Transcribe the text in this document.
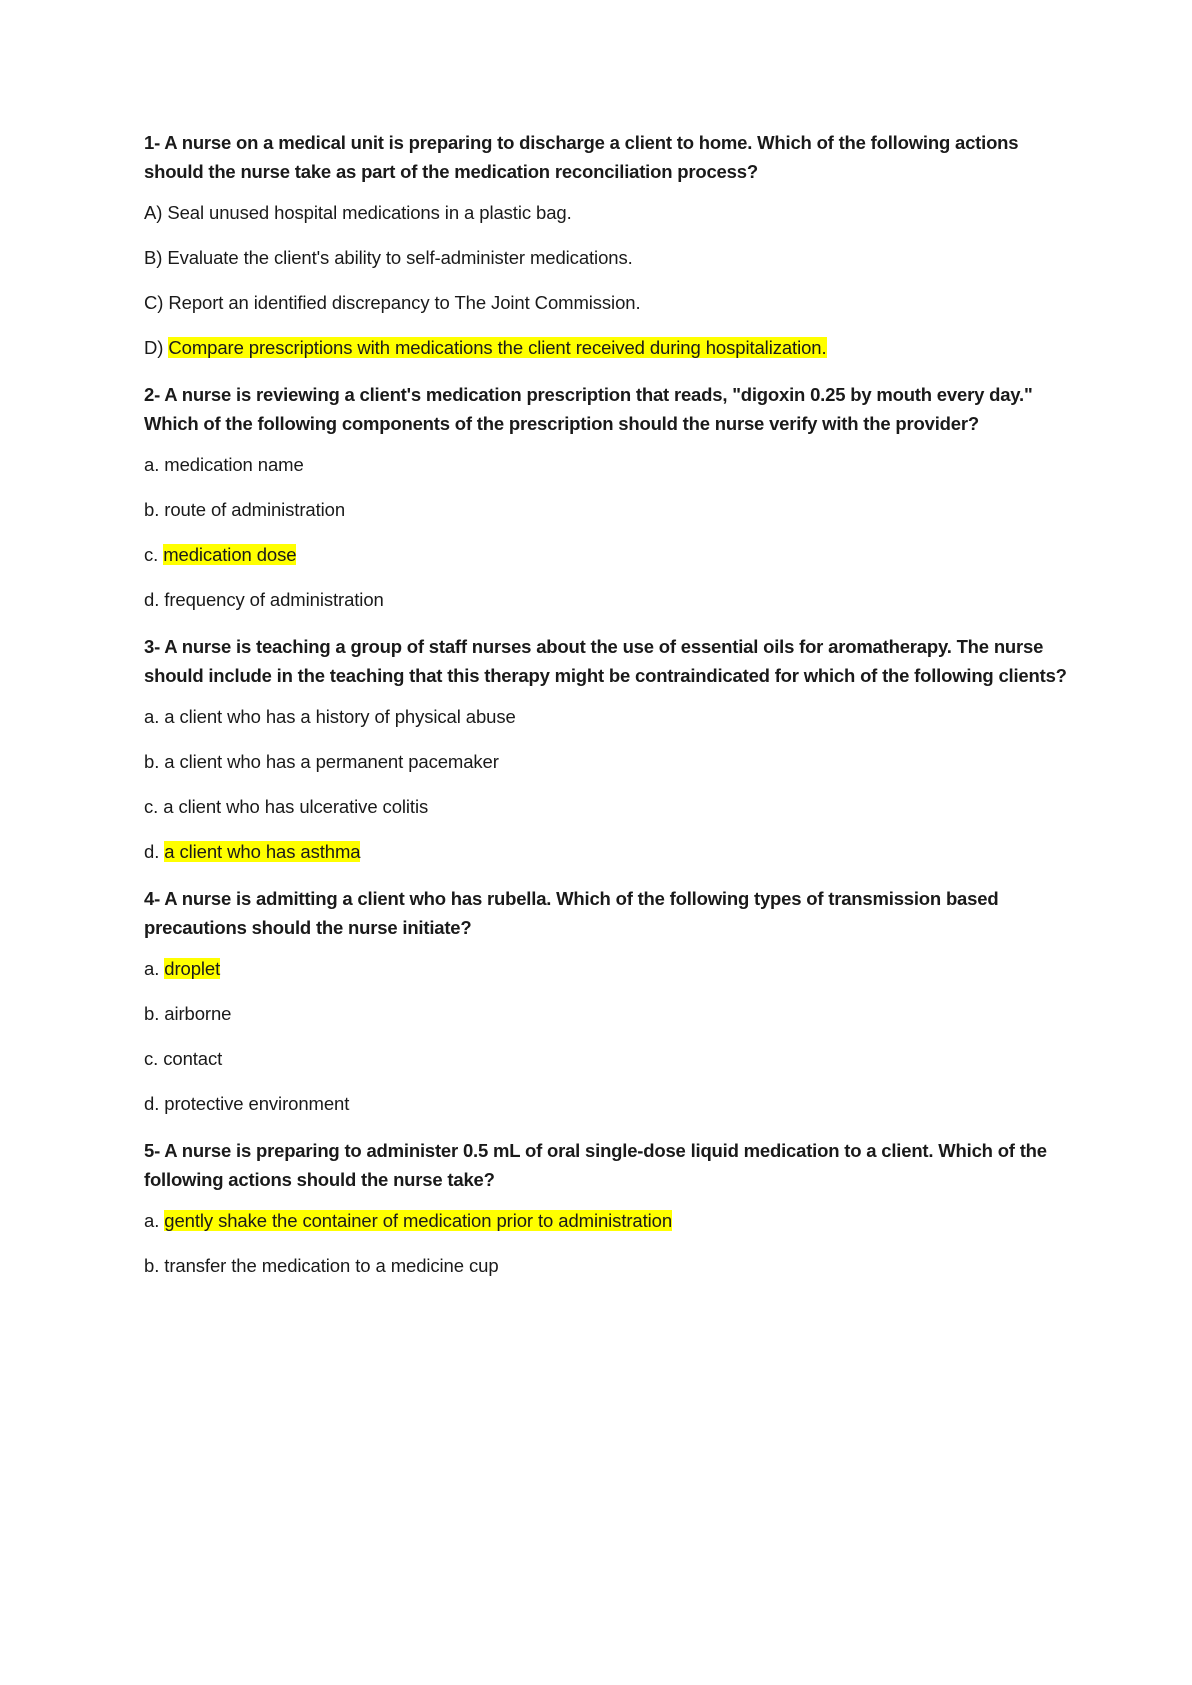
1- A nurse on a medical unit is preparing to discharge a client to home. Which of the following actions should the nurse take as part of the medication reconciliation process?

A) Seal unused hospital medications in a plastic bag.

B) Evaluate the client's ability to self-administer medications.

C) Report an identified discrepancy to The Joint Commission.

D) Compare prescriptions with medications the client received during hospitalization.

2- A nurse is reviewing a client's medication prescription that reads, "digoxin 0.25 by mouth every day." Which of the following components of the prescription should the nurse verify with the provider?

a. medication name

b. route of administration

c. medication dose

d. frequency of administration

3- A nurse is teaching a group of staff nurses about the use of essential oils for aromatherapy. The nurse should include in the teaching that this therapy might be contraindicated for which of the following clients?

a. a client who has a history of physical abuse

b. a client who has a permanent pacemaker

c. a client who has ulcerative colitis

d. a client who has asthma

4- A nurse is admitting a client who has rubella. Which of the following types of transmission based precautions should the nurse initiate?

a. droplet

b. airborne

c. contact

d. protective environment

5- A nurse is preparing to administer 0.5 mL of oral single-dose liquid medication to a client. Which of the following actions should the nurse take?

a. gently shake the container of medication prior to administration

b. transfer the medication to a medicine cup
